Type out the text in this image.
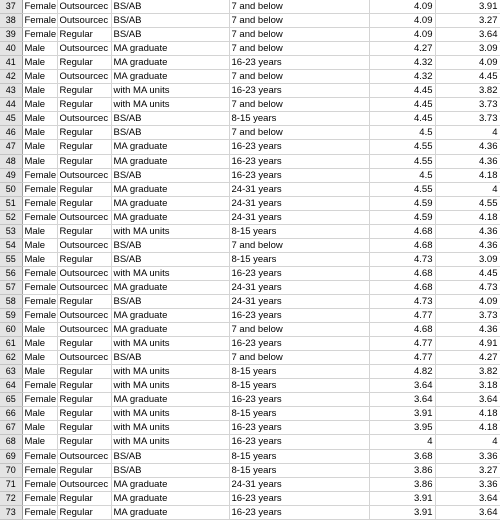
37	Female	Outsourcec	BS/AB	7 and below	4.09	3.91
38	Female	Outsourcec	BS/AB	7 and below	4.09	3.27
39	Female	Regular	BS/AB	7 and below	4.09	3.64
40	Male	Outsourcec	MA graduate	7 and below	4.27	3.09
41	Male	Regular	MA graduate	16-23 years	4.32	4.09
42	Male	Outsourcec	MA graduate	7 and below	4.32	4.45
43	Male	Regular	with MA units	16-23 years	4.45	3.82
44	Male	Regular	with MA units	7 and below	4.45	3.73
45	Male	Outsourcec	BS/AB	8-15 years	4.45	3.73
46	Male	Regular	BS/AB	7 and below	4.5	4
47	Male	Regular	MA graduate	16-23 years	4.55	4.36
48	Male	Regular	MA graduate	16-23 years	4.55	4.36
49	Female	Outsourcec	BS/AB	16-23 years	4.5	4.18
50	Female	Regular	MA graduate	24-31 years	4.55	4
51	Female	Regular	MA graduate	24-31 years	4.59	4.55
52	Female	Outsourcec	MA graduate	24-31 years	4.59	4.18
53	Male	Regular	with MA units	8-15 years	4.68	4.36
54	Male	Outsourcec	BS/AB	7 and below	4.68	4.36
55	Male	Regular	BS/AB	8-15 years	4.73	3.09
56	Female	Outsourcec	with MA units	16-23 years	4.68	4.45
57	Female	Outsourcec	MA graduate	24-31 years	4.68	4.73
58	Female	Regular	BS/AB	24-31 years	4.73	4.09
59	Female	Outsourcec	MA graduate	16-23 years	4.77	3.73
60	Male	Outsourcec	MA graduate	7 and below	4.68	4.36
61	Male	Regular	with MA units	16-23 years	4.77	4.91
62	Male	Outsourcec	BS/AB	7 and below	4.77	4.27
63	Male	Regular	with MA units	8-15 years	4.82	3.82
64	Female	Regular	with MA units	8-15 years	3.64	3.18
65	Female	Regular	MA graduate	16-23 years	3.64	3.64
66	Male	Regular	with MA units	8-15 years	3.91	4.18
67	Male	Regular	with MA units	16-23 years	3.95	4.18
68	Male	Regular	with MA units	16-23 years	4	4
69	Female	Outsourcec	BS/AB	8-15 years	3.68	3.36
70	Female	Regular	BS/AB	8-15 years	3.86	3.27
71	Female	Outsourcec	MA graduate	24-31 years	3.86	3.36
72	Female	Regular	MA graduate	16-23 years	3.91	3.64
73	Female	Regular	MA graduate	16-23 years	3.91	3.64
